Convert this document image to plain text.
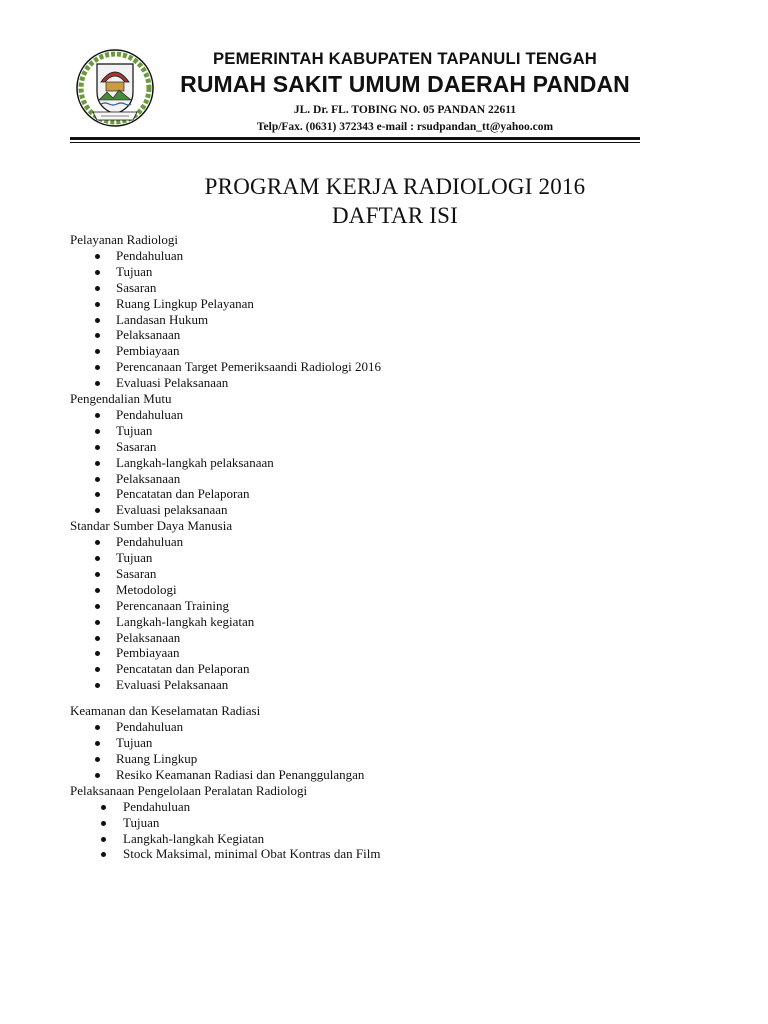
PEMERINTAH KABUPATEN TAPANULI TENGAH
RUMAH SAKIT UMUM DAERAH PANDAN
JL. Dr. FL. TOBING NO. 05 PANDAN 22611
Telp/Fax. (0631) 372343 e-mail : rsudpandan_tt@yahoo.com
PROGRAM KERJA RADIOLOGI 2016
DAFTAR ISI
Pelayanan Radiologi
Pendahuluan
Tujuan
Sasaran
Ruang Lingkup Pelayanan
Landasan Hukum
Pelaksanaan
Pembiayaan
Perencanaan Target Pemeriksaandi Radiologi 2016
Evaluasi Pelaksanaan
Pengendalian Mutu
Pendahuluan
Tujuan
Sasaran
Langkah-langkah pelaksanaan
Pelaksanaan
Pencatatan dan Pelaporan
Evaluasi pelaksanaan
Standar Sumber Daya Manusia
Pendahuluan
Tujuan
Sasaran
Metodologi
Perencanaan Training
Langkah-langkah kegiatan
Pelaksanaan
Pembiayaan
Pencatatan dan Pelaporan
Evaluasi Pelaksanaan
Keamanan dan Keselamatan Radiasi
Pendahuluan
Tujuan
Ruang Lingkup
Resiko Keamanan Radiasi dan Penanggulangan
Pelaksanaan Pengelolaan Peralatan Radiologi
Pendahuluan
Tujuan
Langkah-langkah Kegiatan
Stock Maksimal, minimal Obat Kontras dan Film
